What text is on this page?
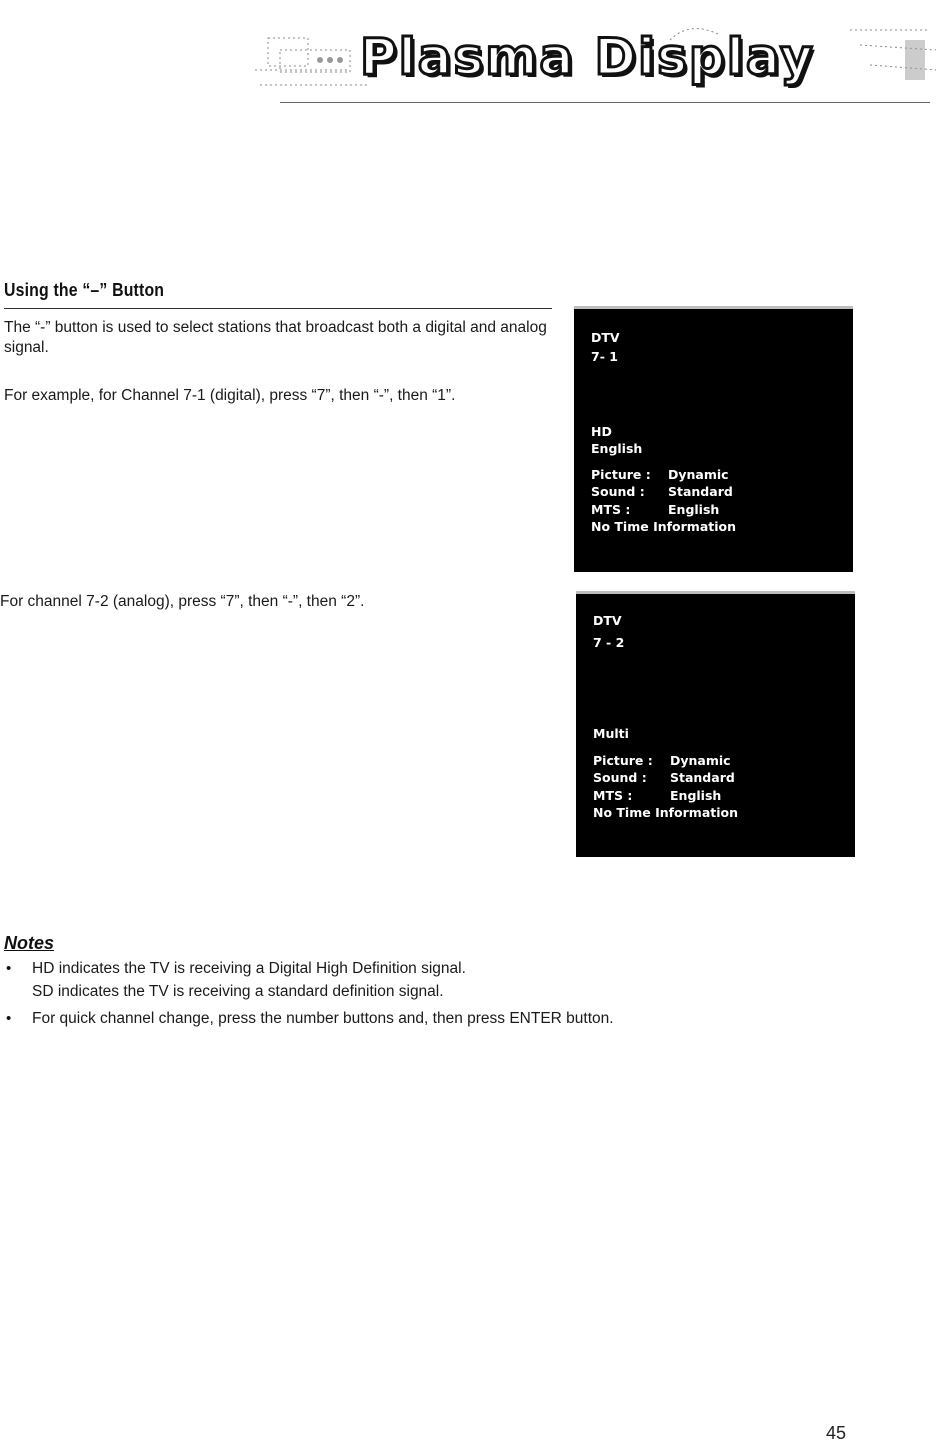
Plasma Display
Using the “–” Button
The “-” button is used to select stations that broadcast both a digital and analog signal.
For example, for Channel 7-1 (digital), press “7”, then “-”, then “1”.
For channel 7-2 (analog), press “7”, then “-”, then “2”.
DTV
7- 1
HD
English
Picture : Dynamic
Sound : Standard
MTS :	English
No Time Information
DTV
7 - 2
Multi
Picture : Dynamic
Sound : Standard
MTS :	English
No Time Information
Notes
• HD indicates the TV is receiving a Digital High Definition signal.
SD indicates the TV is receiving a standard definition signal.
• For quick channel change, press the number buttons and, then press ENTER button.
45
